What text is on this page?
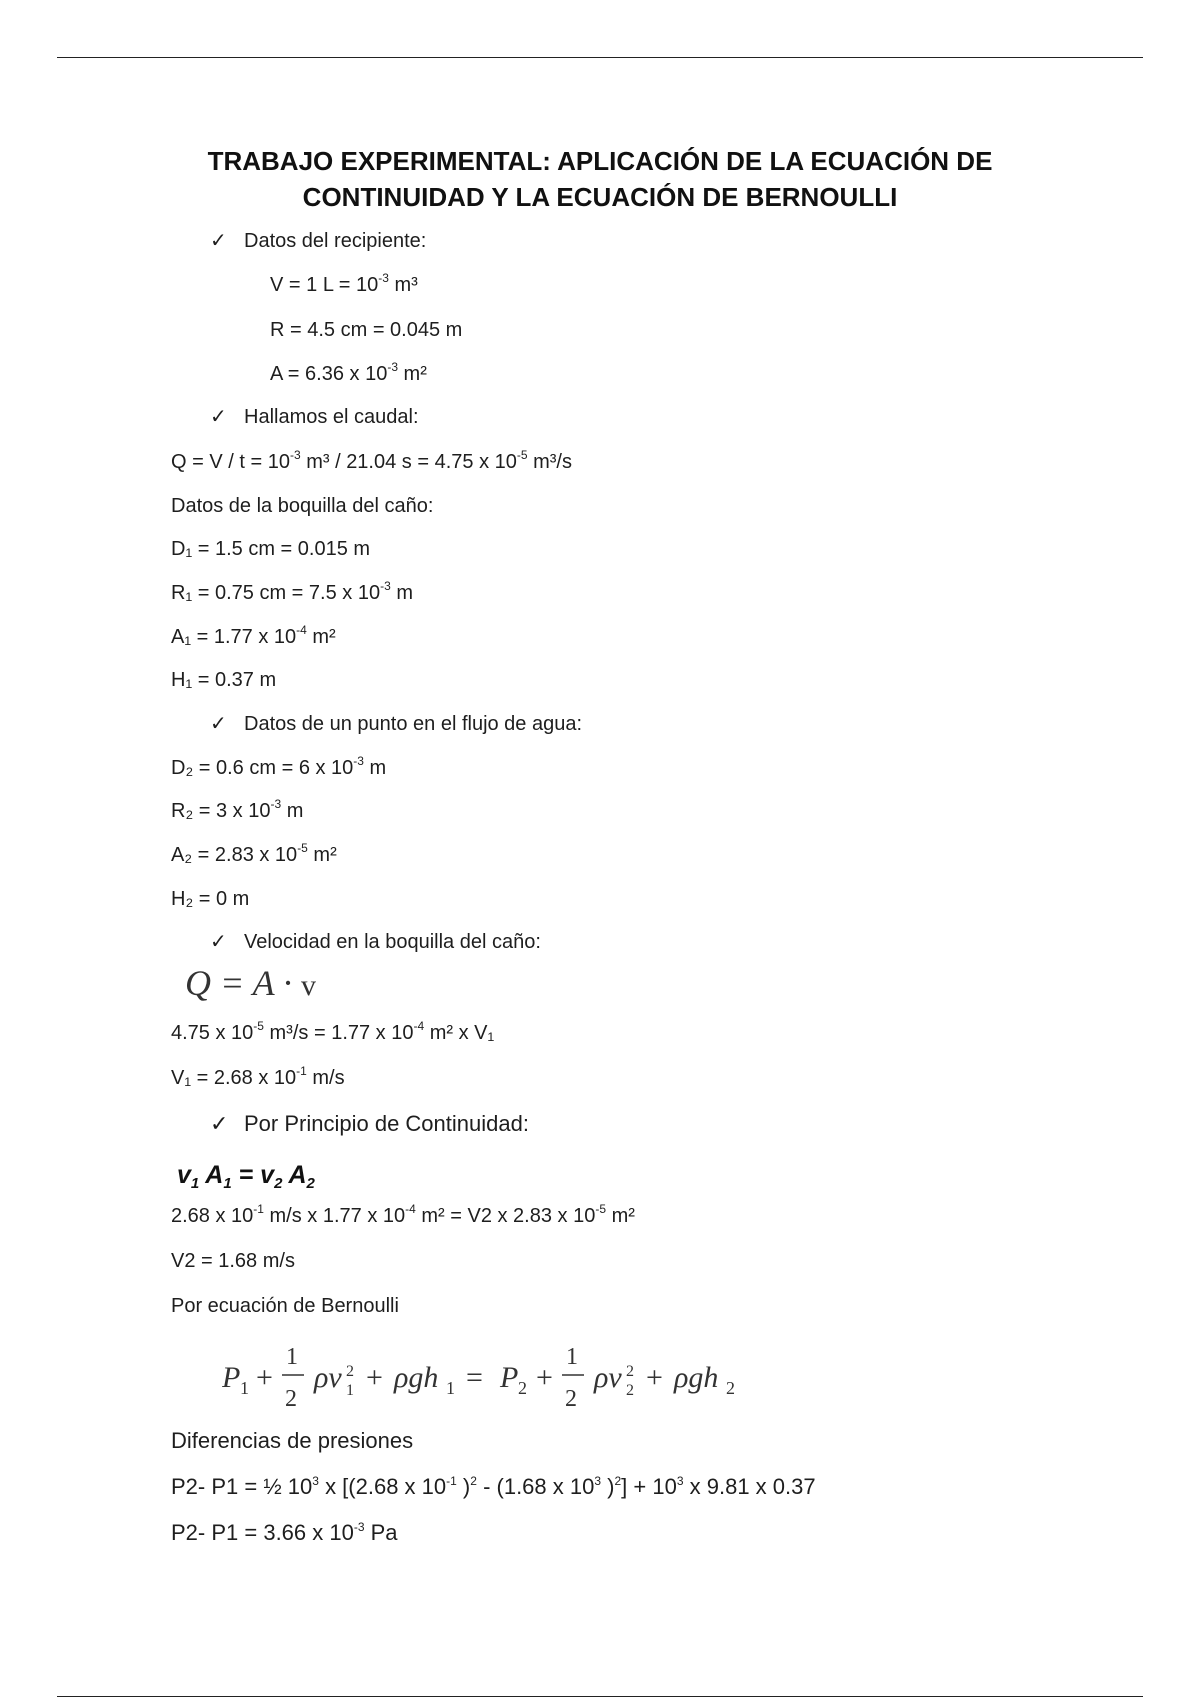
TRABAJO EXPERIMENTAL: APLICACIÓN DE LA ECUACIÓN DE
CONTINUIDAD Y LA ECUACIÓN DE BERNOULLI
✓ Datos del recipiente:
V = 1 $L = 10^{-3}$ m³
R = 4.5 cm = 0.045 m
A = 6.36 x $10^{-3}$ m²
✓ Hallamos el caudal:
$Q = V / t = 10^{-3}$ m³ / 21.04 s = 4.75 x $10^{-5}$ m³/s
Datos de la boquilla del caño:
D₁ = 1.5 cm = 0.015 m
R₁ = 0.75 cm = 7.5 x $10^{-3}$ m
A₁ = 1.77 x $10^{-4}$ m²
H₁ = 0.37 m
✓ Datos de un punto en el flujo de agua:
D₂ = 0.6 cm = 6 x $10^{-3}$ m
R₂ = 3 x $10^{-3}$ m
A₂ = 2.83 x $10^{-5}$ m²
H₂ = 0 m
✓ Velocidad en la boquilla del caño:
Q = A · v
4.75 x $10^{-5}$ m³/s = 1.77 x $10^{-4}$ m² x V₁
V₁ = 2.68 x $10^{-1}$ m/s
✓ Por Principio de Continuidad:
$v_1$ $A_1 = v_2$ $A_2$
2.68 x $10^{-1}$ m/s x 1.77 x $10^{-4}$ m² = V2 x 2.83 x $10^{-5}$ m²
V2 = 1.68 m/s
Por ecuación de Bernoulli
P 1 +
1
2
ρv 2
1 + ρgh 1 = P 2 +
1
2
ρv 2
2 + ρgh 2
Diferencias de presiones
P2- P1 = ½ $10^3$ x [(2.68 x $10^{-1}$ )$^2$ - (1.68 x $10^3$ )$^2] + 10^3$ x 9.81 x 0.37
P2- P1 = 3.66 x $10^{-3}$ Pa
